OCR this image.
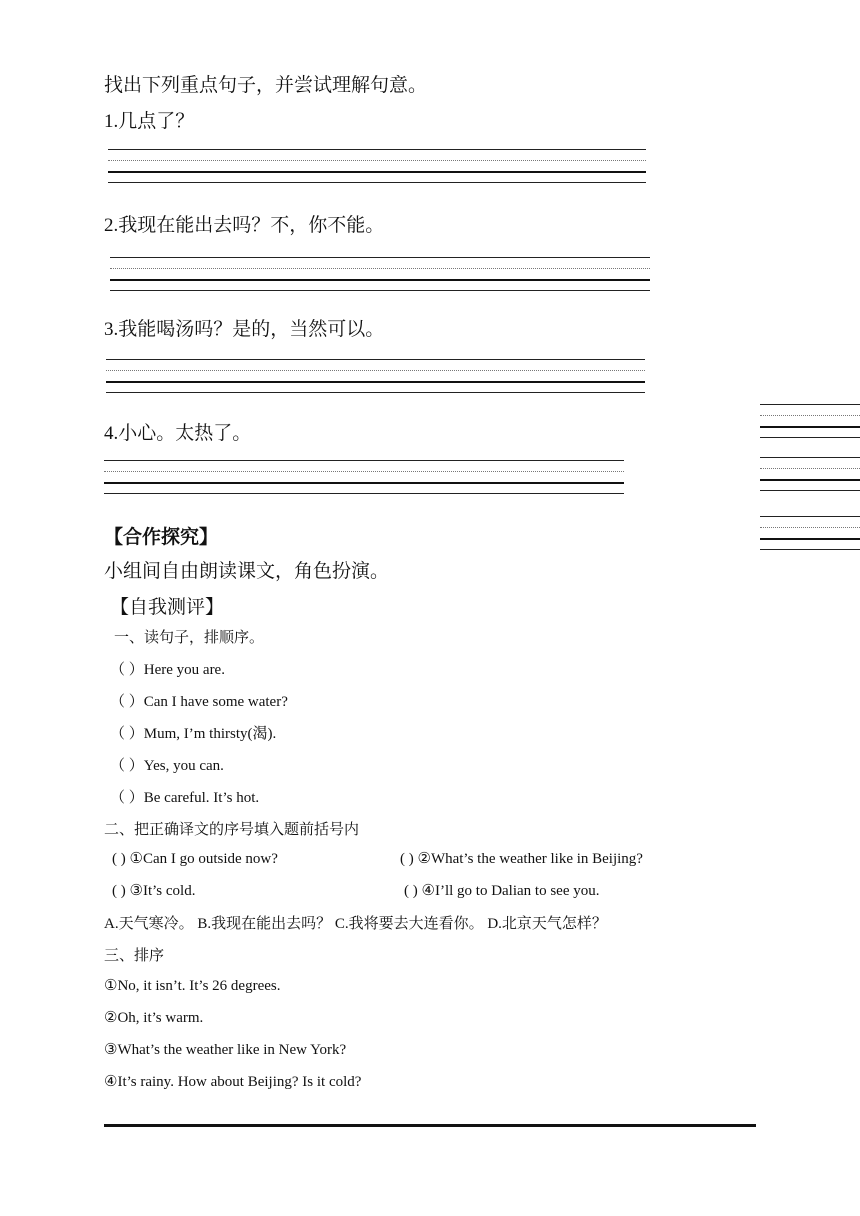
找出下列重点句子，并尝试理解句意。
1.几点了？
2.我现在能出去吗？不，你不能。
3.我能喝汤吗？是的，当然可以。
4.小心。太热了。
【合作探究】
小组间自由朗读课文，角色扮演。
【自我测评】
一、读句子，排顺序。
（ ）Here you are.
（ ）Can I have some water?
（ ）Mum, I’m thirsty(渴).
（ ）Yes, you can.
（ ）Be careful. It’s hot.
二、把正确译文的序号填入题前括号内
( ) ①Can I go outside now?	( ) ②What’s the weather like in Beijing?
( ) ③It’s cold.	( ) ④I’ll go to Dalian to see you.
A.天气寒冷。 B.我现在能出去吗？ C.我将要去大连看你。 D.北京天气怎样？
三、排序
①No, it isn’t. It’s 26 degrees.
②Oh, it’s warm.
③What’s the weather like in New York?
④It’s rainy. How about Beijing? Is it cold?
